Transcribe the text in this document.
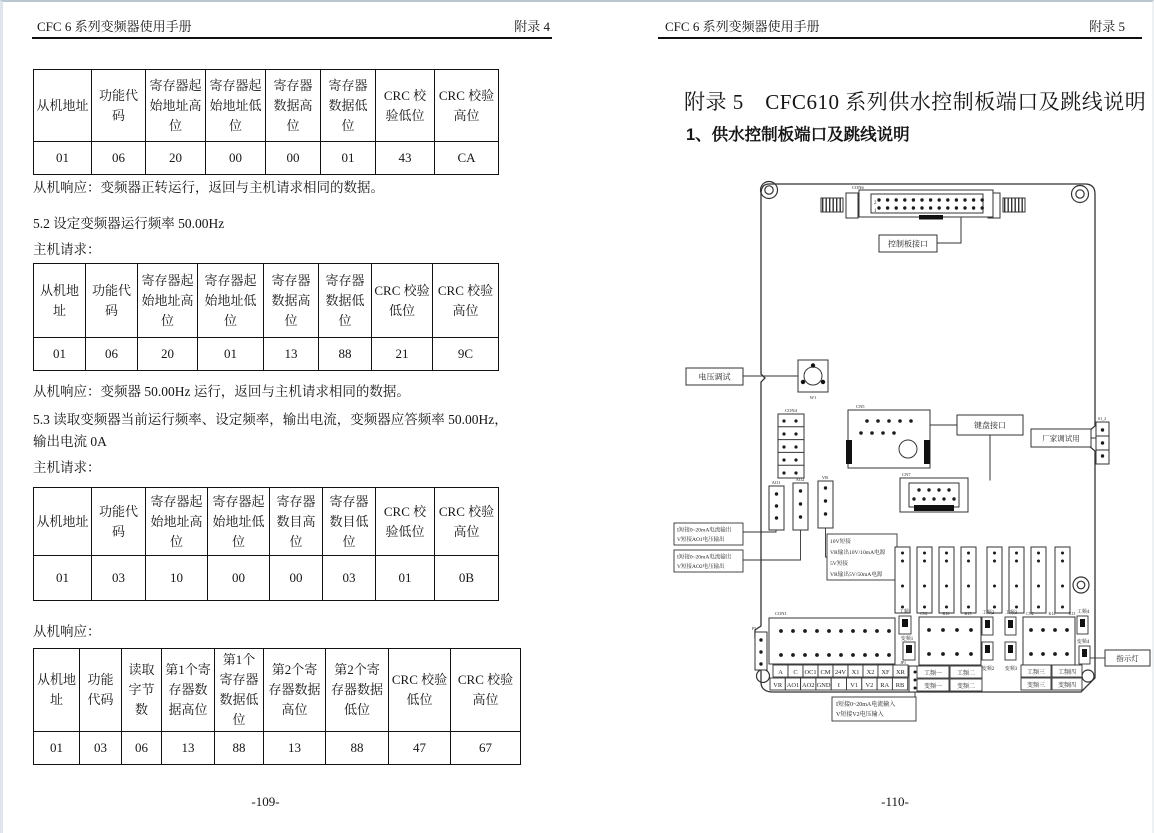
CFC 6 系列变频器使用手册	附录 4
从机地址	功能代码	寄存器起始地址高位	寄存器起始地址低位	寄存器数据高位	寄存器数据低位	CRC 校验低位	CRC 校验高位
01	06	20	00	00	01	43	CA
从机响应：变频器正转运行，返回与主机请求相同的数据。
5.2 设定变频器运行频率 50.00Hz
主机请求：
从机地址	功能代码	寄存器起始地址高位	寄存器起始地址低位	寄存器数据高位	寄存器数据低位	CRC 校验低位	CRC 校验高位
01	06	20	01	13	88	21	9C
从机响应：变频器 50.00Hz 运行，返回与主机请求相同的数据。
5.3 读取变频器当前运行频率、设定频率，输出电流，变频器应答频率 50.00Hz，
输出电流 0A
主机请求：
从机地址	功能代码	寄存器起始地址高位	寄存器起始地址低位	寄存器数目高位	寄存器数目低位	CRC 校验低位	CRC 校验高位
01	03	10	00	00	03	01	0B
从机响应：
从机地址	功能代码	读取字节数	第1个寄存器数据高位	第1个寄存器数据低位	第2个寄存器数据高位	第2个寄存器数据低位	CRC 校验低位	CRC 校验高位
01	03	06	13	88	13	88	47	67
-109-
CFC 6 系列变频器使用手册	附录 5
附录 5　CFC610 系列供水控制板端口及跳线说明
1、供水控制板端口及跳线说明
-110-
CON6
2
1
控制板接口
电压调试
W1
CON4
CN5
键盘接口
CN7
厂家调试用
S1_2
AO1
AO2	VR
I短接0~20mA电流输出
V短接AO1电压输出
I短接0~20mA电流输出
V短接AO2电压输出
10V短接
VR输出10V/10mA电源
5V短接
VR输出5V/50mA电源
CN1	K16	K15	CN2	K14	K13
CON1
P5
工频1
变频1
JP1
I短接0~20mA电流输入
V短接V2电压输入
工频2
变频2
工频3
变频3
工频4
变频4
指示灯
工频一 工频二
变频一 变频二
工频三 工频四
变频三 变频四
A C OC1 CM 24V X1 X2 XF XR
VR AO1 AO2 GND I V1 V2 RA RB
